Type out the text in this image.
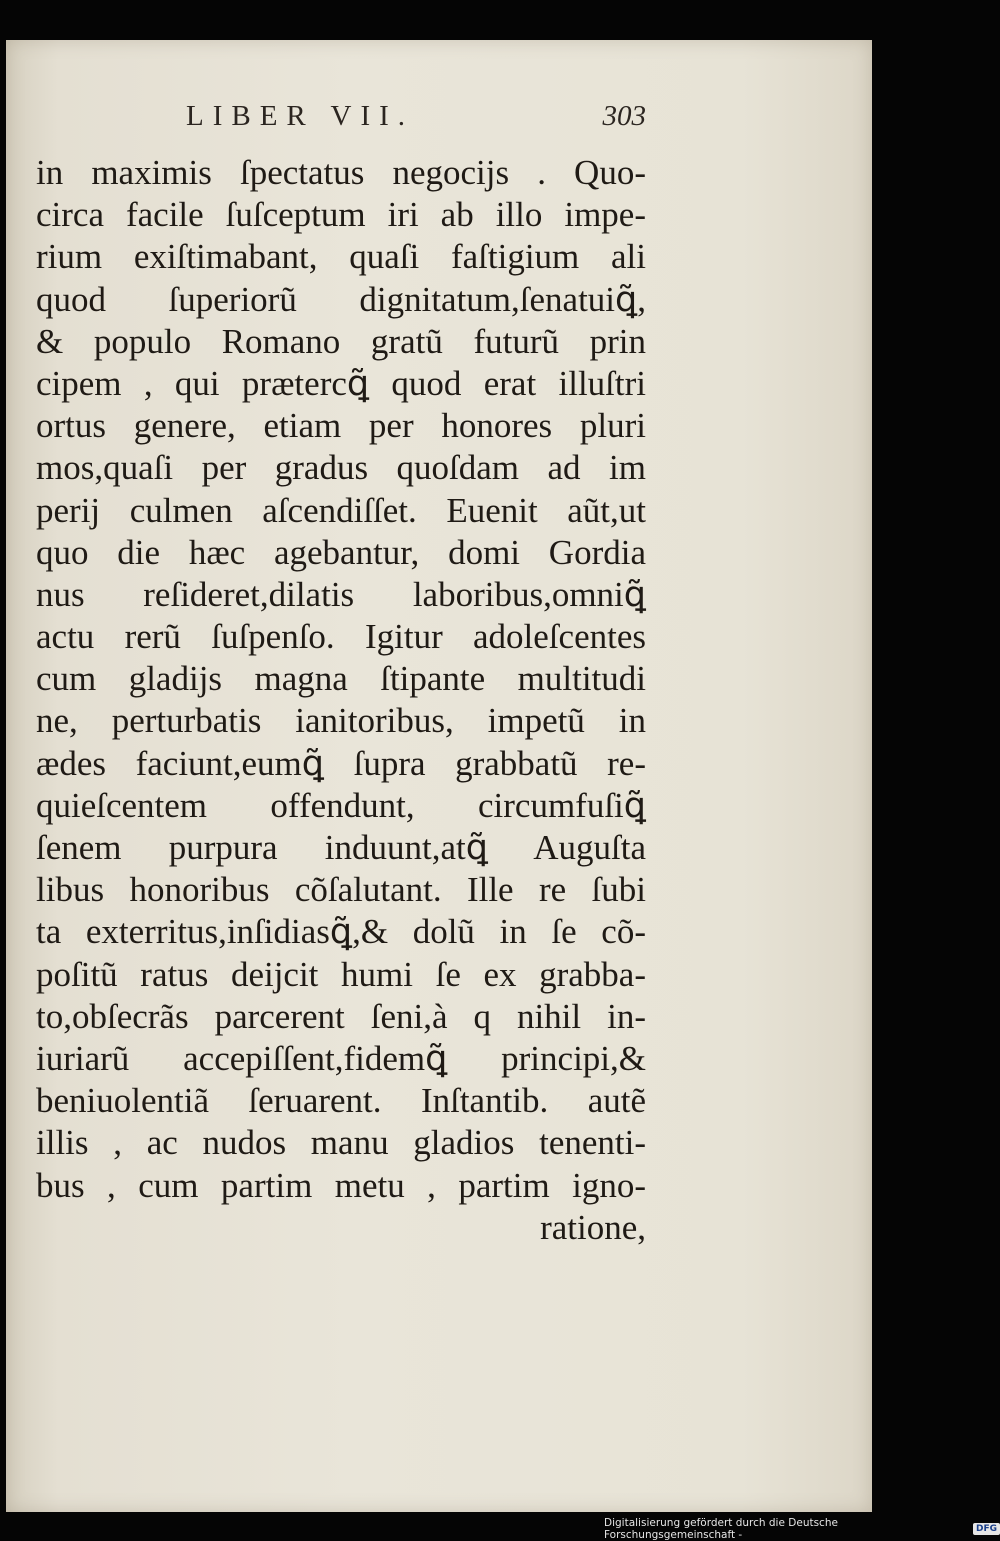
LIBER VII.	303
in maximis ſpectatus negocijs . Quo-
circa facile ſuſceptum iri ab illo impe-
rium exiſtimabant, quaſi faſtigium ali
quod ſuperiorũ dignitatum,ſenatuiꝗ̃,
& populo Romano gratũ futurũ prin
cipem , qui prætercꝗ̃ quod erat illuſtri
ortus genere, etiam per honores pluri
mos,quaſi per gradus quoſdam ad im
perij culmen aſcendiſſet. Euenit aũt,ut
quo die hæc agebantur, domi Gordia
nus reſideret,dilatis laboribus,omniꝗ̃
actu rerũ ſuſpenſo. Igitur adoleſcentes
cum gladijs magna ſtipante multitudi
ne, perturbatis ianitoribus, impetũ in
ædes faciunt,eumꝗ̃ ſupra grabbatũ re-
quieſcentem offendunt, circumfuſiꝗ̃
ſenem purpura induunt,atꝗ̃ Auguſta
libus honoribus cõſalutant. Ille re ſubi
ta exterritus,inſidiasꝗ̃,& dolũ in ſe cõ-
poſitũ ratus deijcit humi ſe ex grabba-
to,obſecrãs parcerent ſeni,à q nihil in-
iuriarũ accepiſſent,fidemꝗ̃ principi,&
beniuolentiã ſeruarent. Inſtantib. autẽ
illis , ac nudos manu gladios tenenti-
bus , cum partim metu , partim igno-
ratione,
Digitalisierung gefördert durch die Deutsche Forschungsgemeinschaft -	DFG
